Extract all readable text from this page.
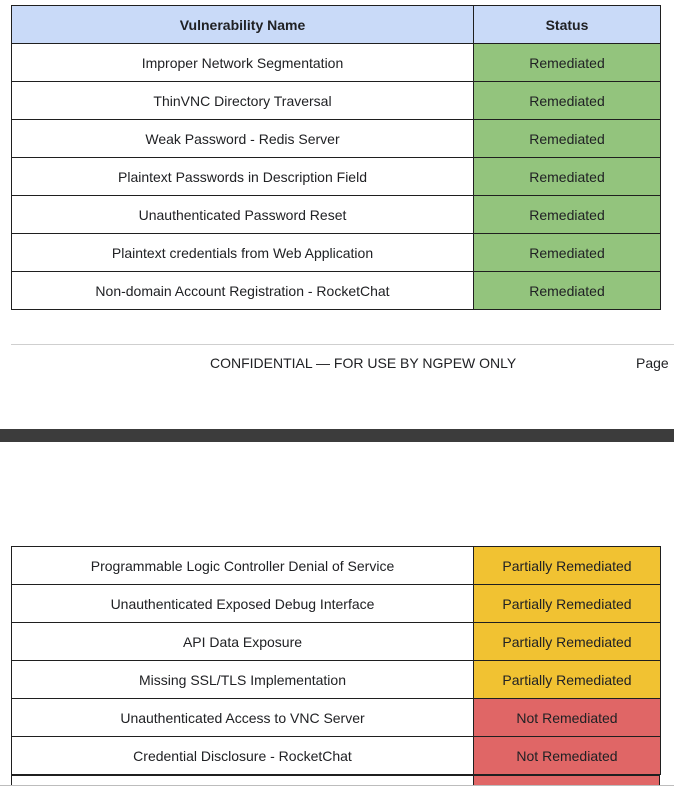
Vulnerability Name	Status
Improper Network Segmentation	Remediated
ThinVNC Directory Traversal	Remediated
Weak Password - Redis Server	Remediated
Plaintext Passwords in Description Field	Remediated
Unauthenticated Password Reset	Remediated
Plaintext credentials from Web Application	Remediated
Non-domain Account Registration - RocketChat	Remediated
CONFIDENTIAL — FOR USE BY NGPEW ONLY	Page
Programmable Logic Controller Denial of Service	Partially Remediated
Unauthenticated Exposed Debug Interface	Partially Remediated
API Data Exposure	Partially Remediated
Missing SSL/TLS Implementation	Partially Remediated
Unauthenticated Access to VNC Server	Not Remediated
Credential Disclosure - RocketChat	Not Remediated
